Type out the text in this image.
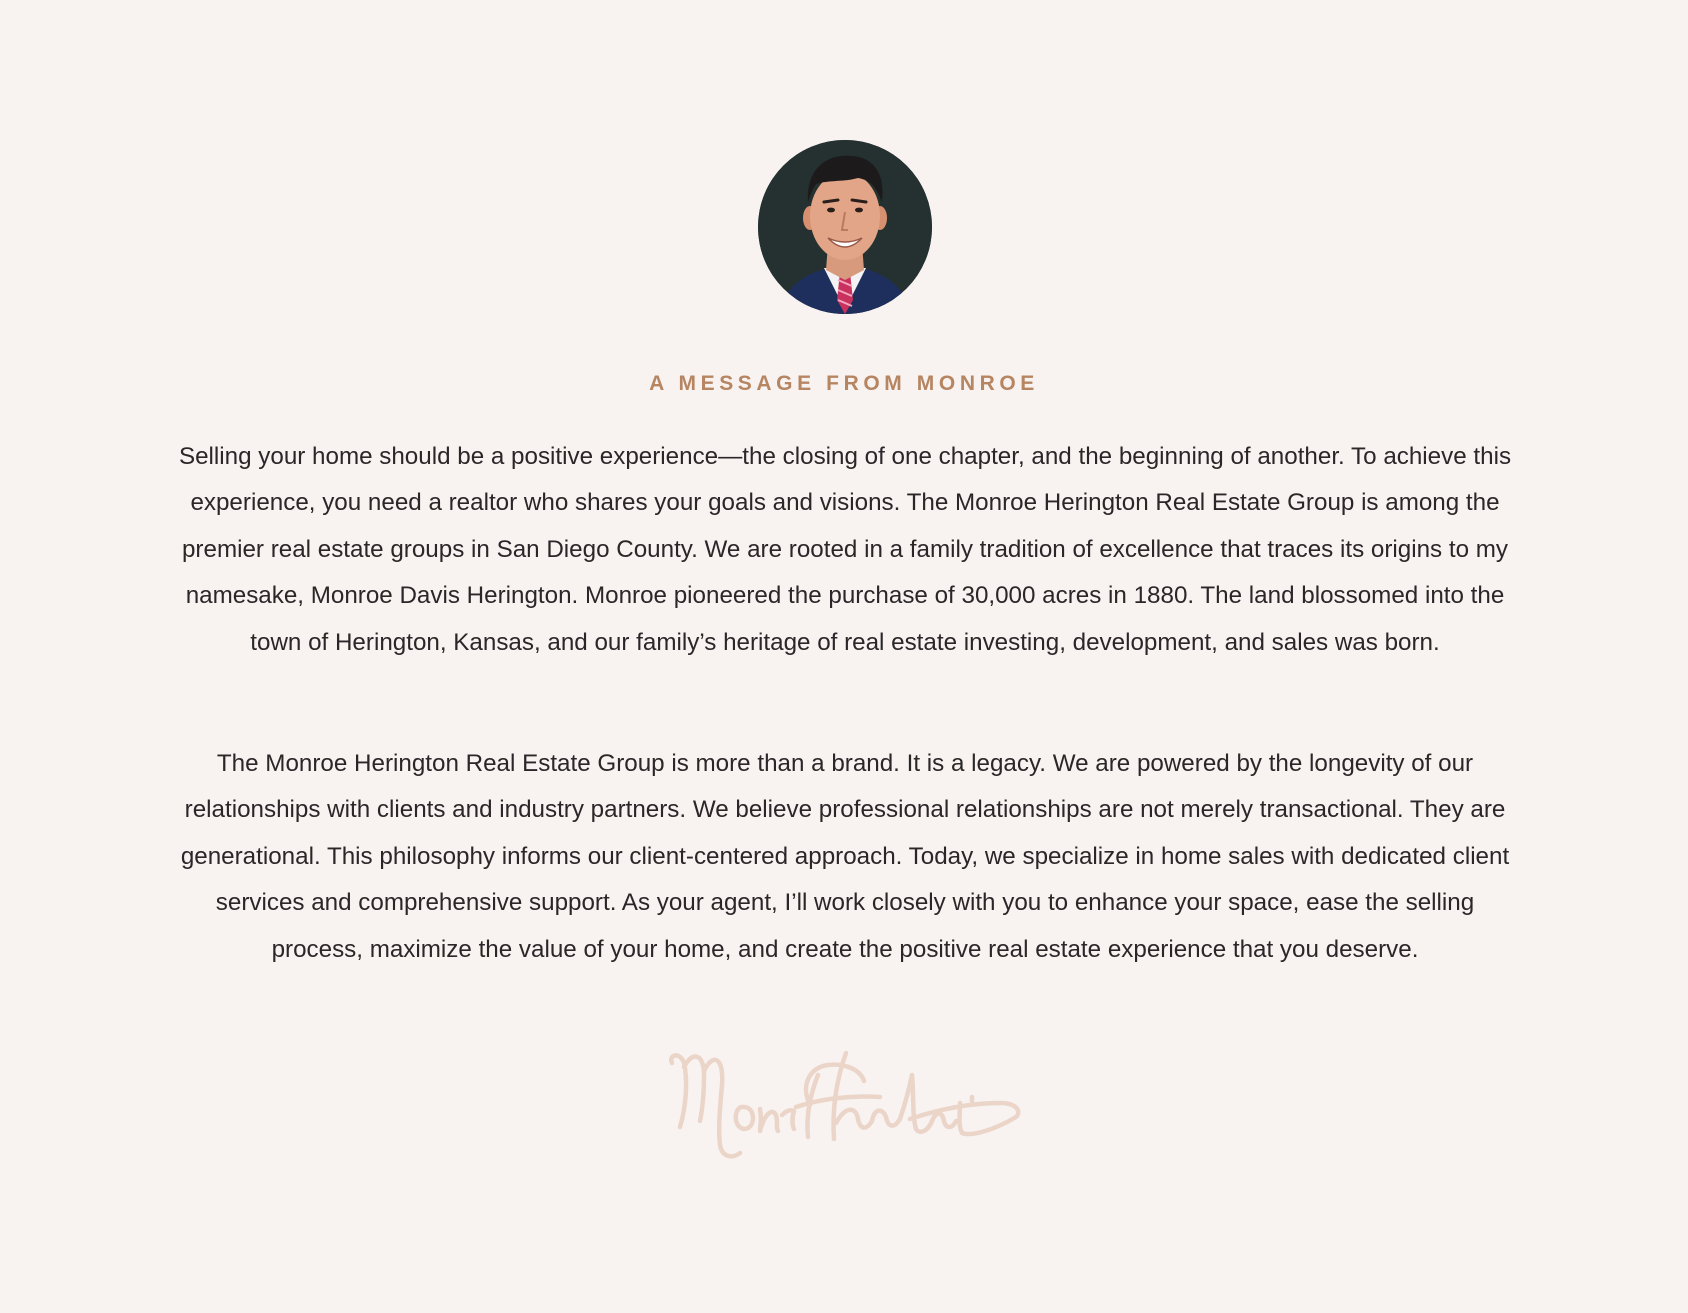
A MESSAGE FROM MONROE

Selling your home should be a positive experience—the closing of one chapter, and the beginning of another. To achieve this experience, you need a realtor who shares your goals and visions. The Monroe Herington Real Estate Group is among the premier real estate groups in San Diego County. We are rooted in a family tradition of excellence that traces its origins to my namesake, Monroe Davis Herington. Monroe pioneered the purchase of 30,000 acres in 1880. The land blossomed into the town of Herington, Kansas, and our family’s heritage of real estate investing, development, and sales was born.

The Monroe Herington Real Estate Group is more than a brand. It is a legacy. We are powered by the longevity of our relationships with clients and industry partners. We believe professional relationships are not merely transactional. They are generational. This philosophy informs our client-centered approach. Today, we specialize in home sales with dedicated client services and comprehensive support. As your agent, I’ll work closely with you to enhance your space, ease the selling process, maximize the value of your home, and create the positive real estate experience that you deserve.
